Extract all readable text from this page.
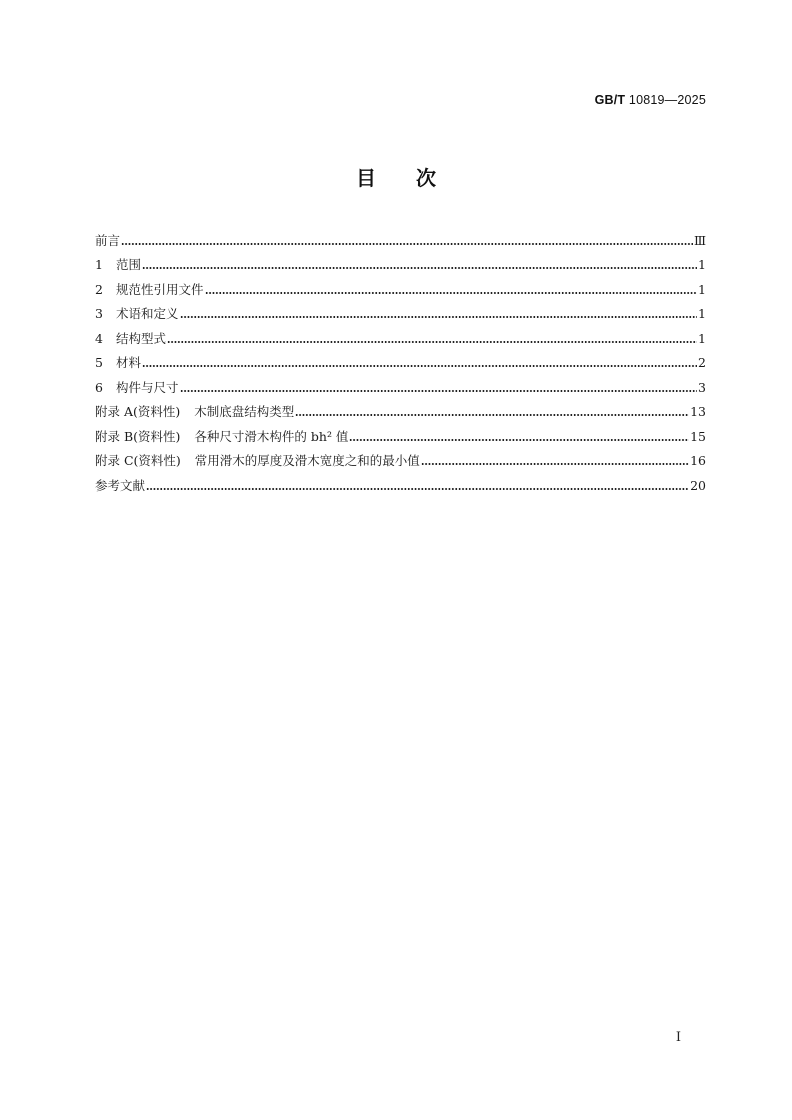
GB/T 10819—2025
目次
前言	Ⅲ
1 范围	1
2 规范性引用文件	1
3 术语和定义	1
4 结构型式	1
5 材料	2
6 构件与尺寸	3
附录 A(资料性) 木制底盘结构类型	13
附录 B(资料性) 各种尺寸滑木构件的 bh² 值	15
附录 C(资料性) 常用滑木的厚度及滑木宽度之和的最小值	16
参考文献	20
I
